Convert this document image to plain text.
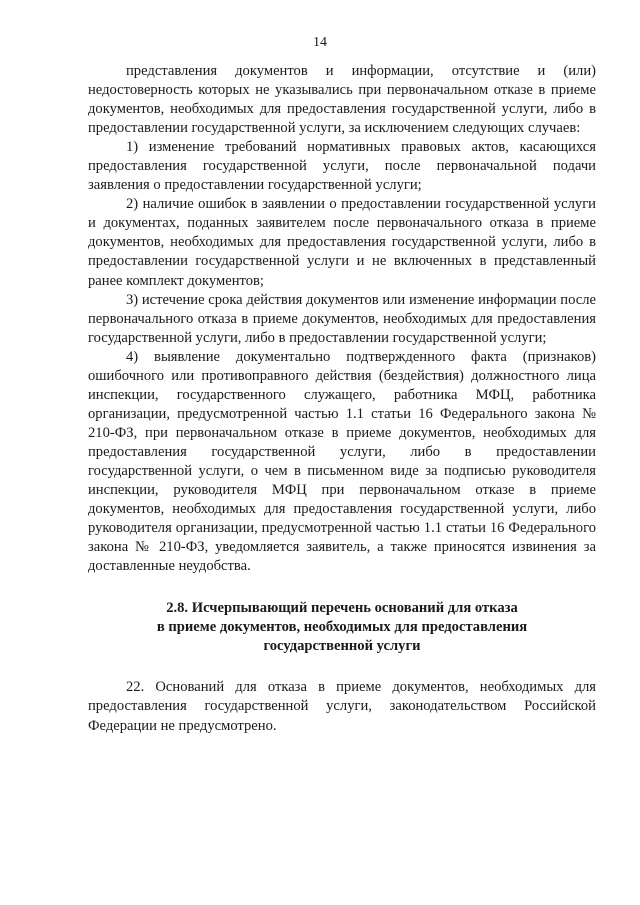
14

представления документов и информации, отсутствие и (или) недостоверность которых не указывались при первоначальном отказе в приеме документов, необходимых для предоставления государственной услуги, либо в предоставлении государственной услуги, за исключением следующих случаев:

1) изменение требований нормативных правовых актов, касающихся предоставления государственной услуги, после первоначальной подачи заявления о предоставлении государственной услуги;

2) наличие ошибок в заявлении о предоставлении государственной услуги и документах, поданных заявителем после первоначального отказа в приеме документов, необходимых для предоставления государственной услуги, либо в предоставлении государственной услуги и не включенных в представленный ранее комплект документов;

3) истечение срока действия документов или изменение информации после первоначального отказа в приеме документов, необходимых для предоставления государственной услуги, либо в предоставлении государственной услуги;

4) выявление документально подтвержденного факта (признаков) ошибочного или противоправного действия (бездействия) должностного лица инспекции, государственного служащего, работника МФЦ, работника организации, предусмотренной частью 1.1 статьи 16 Федерального закона № 210-ФЗ, при первоначальном отказе в приеме документов, необходимых для предоставления государственной услуги, либо в предоставлении государственной услуги, о чем в письменном виде за подписью руководителя инспекции, руководителя МФЦ при первоначальном отказе в приеме документов, необходимых для предоставления государственной услуги, либо руководителя организации, предусмотренной частью 1.1 статьи 16 Федерального закона № 210-ФЗ, уведомляется заявитель, а также приносятся извинения за доставленные неудобства.

2.8. Исчерпывающий перечень оснований для отказа
в приеме документов, необходимых для предоставления
государственной услуги

22. Оснований для отказа в приеме документов, необходимых для предоставления государственной услуги, законодательством Российской Федерации не предусмотрено.
